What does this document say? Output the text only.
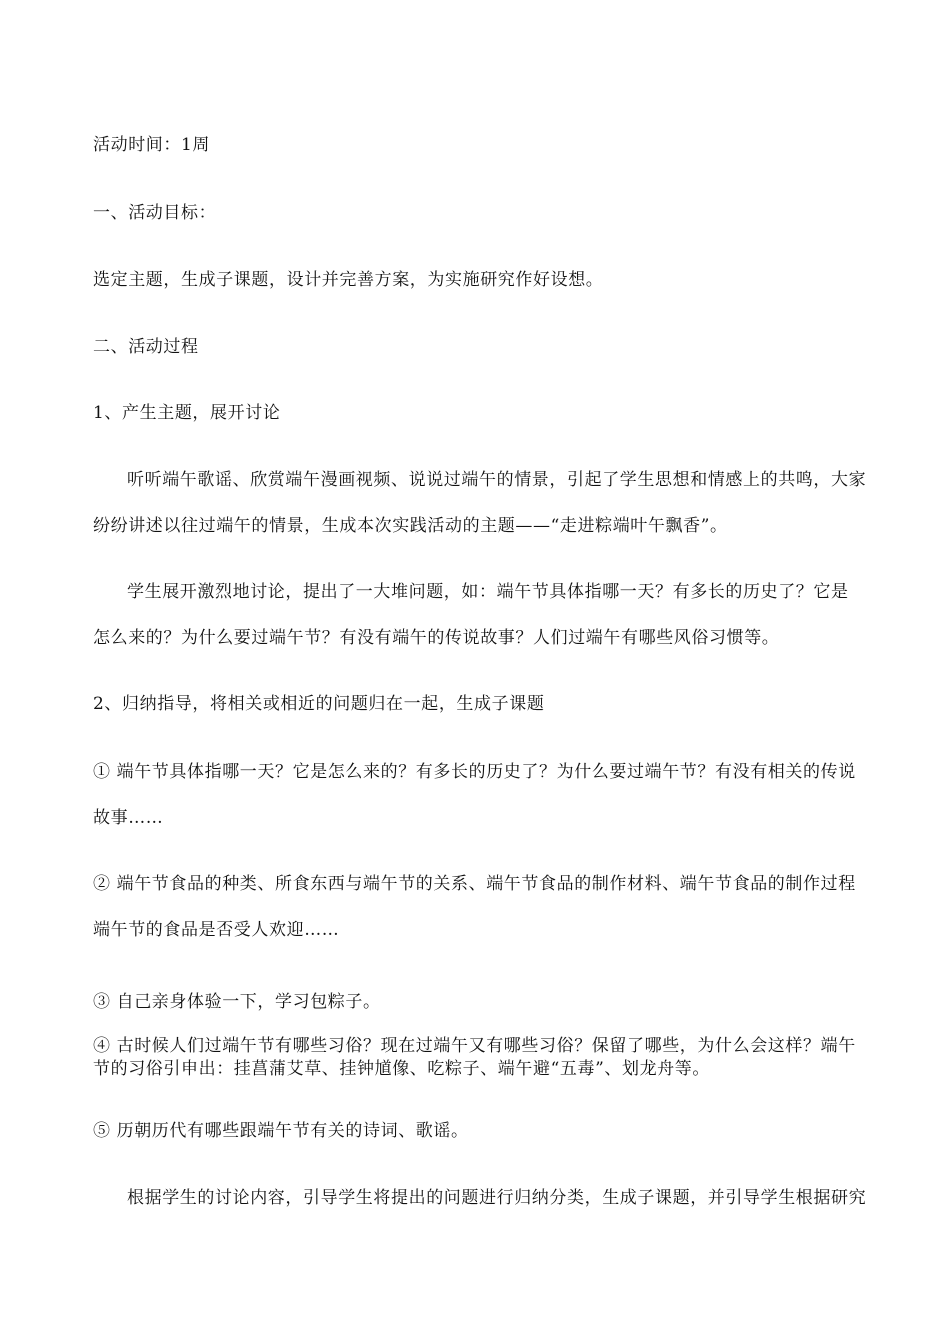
活动时间：1周
一、活动目标：
选定主题，生成子课题，设计并完善方案，为实施研究作好设想。
二、活动过程
1、产生主题，展开讨论
听听端午歌谣、欣赏端午漫画视频、说说过端午的情景，引起了学生思想和情感上的共鸣，大家
纷纷讲述以往过端午的情景，生成本次实践活动的主题——“走进粽端叶午飘香”。
学生展开激烈地讨论，提出了一大堆问题，如：端午节具体指哪一天？有多长的历史了？它是
怎么来的？为什么要过端午节？有没有端午的传说故事？人们过端午有哪些风俗习惯等。
2、归纳指导，将相关或相近的问题归在一起，生成子课题
① 端午节具体指哪一天？它是怎么来的？有多长的历史了？为什么要过端午节？有没有相关的传说
故事……
② 端午节食品的种类、所食东西与端午节的关系、端午节食品的制作材料、端午节食品的制作过程
端午节的食品是否受人欢迎……
③ 自己亲身体验一下，学习包粽子。
④ 古时候人们过端午节有哪些习俗？现在过端午又有哪些习俗？保留了哪些，为什么会这样？端午
节的习俗引申出：挂菖蒲艾草、挂钟馗像、吃粽子、端午避“五毒”、划龙舟等。
⑤ 历朝历代有哪些跟端午节有关的诗词、歌谣。
根据学生的讨论内容，引导学生将提出的问题进行归纳分类，生成子课题，并引导学生根据研究
